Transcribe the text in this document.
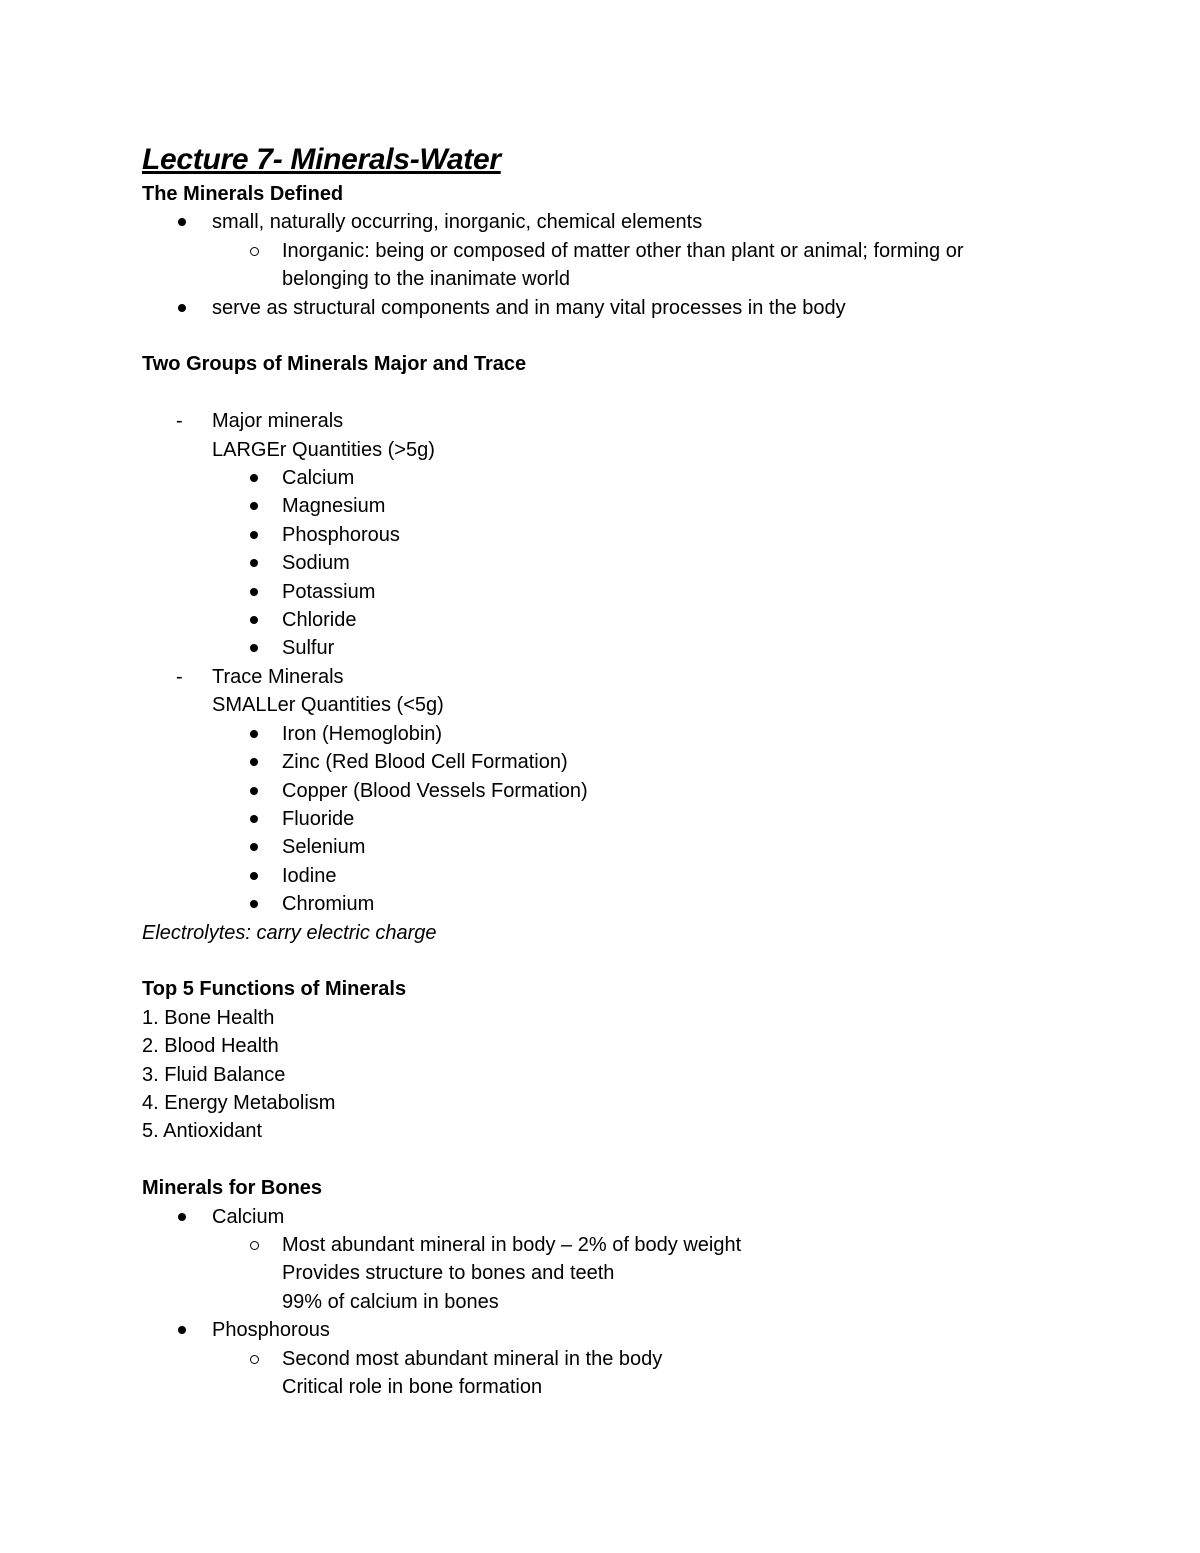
Lecture 7- Minerals-Water
The Minerals Defined
small, naturally occurring, inorganic, chemical elements
Inorganic: being or composed of matter other than plant or animal; forming or
belonging to the inanimate world
serve as structural components and in many vital processes in the body
Two Groups of Minerals Major and Trace
- Major minerals
LARGEr Quantities (>5g)
Calcium
Magnesium
Phosphorous
Sodium
Potassium
Chloride
Sulfur
- Trace Minerals
SMALLer Quantities (<5g)
Iron (Hemoglobin)
Zinc (Red Blood Cell Formation)
Copper (Blood Vessels Formation)
Fluoride
Selenium
Iodine
Chromium
Electrolytes: carry electric charge
Top 5 Functions of Minerals
1. Bone Health
2. Blood Health
3. Fluid Balance
4. Energy Metabolism
5. Antioxidant
Minerals for Bones
Calcium
Most abundant mineral in body – 2% of body weight
Provides structure to bones and teeth
99% of calcium in bones
Phosphorous
Second most abundant mineral in the body
Critical role in bone formation
